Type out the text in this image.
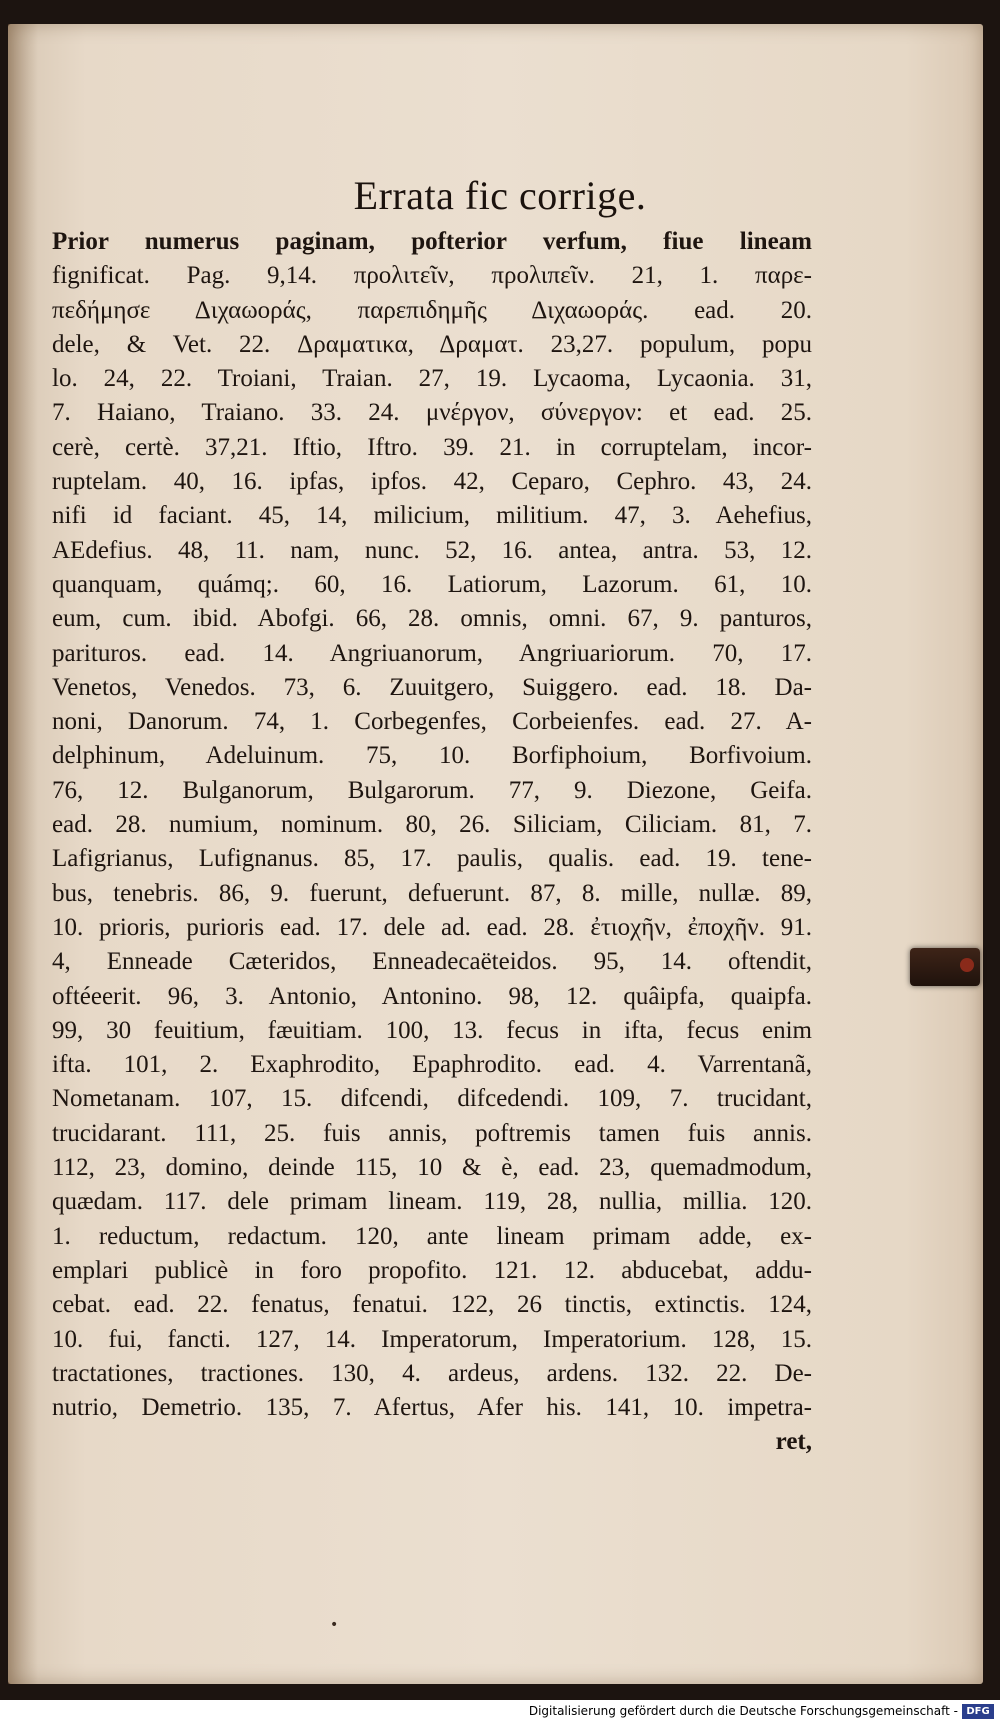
Errata fic corrige.
Prior numerus paginam, pofterior verfum, fiue lineam
fignificat. Pag. 9,14. προλιτεῖν, προλιπεῖν. 21, 1. παρε-
πεδήμησε Διχαωοράς, παρεπιδημῆς Διχαωοράς. ead. 20.
dele, & Vet. 22. Δραματικα, Δραματ. 23,27. populum, popu
lo. 24, 22. Troiani, Traian. 27, 19. Lycaoma, Lycaonia. 31,
7. Haiano, Traiano. 33. 24. μνέργον, σύνεργον: et ead. 25.
cerè, certè. 37,21. Iftio, Iftro. 39. 21. in corruptelam, incor-
ruptelam. 40, 16. ipfas, ipfos. 42, Ceparo, Cephro. 43, 24.
nifi id faciant. 45, 14, milicium, militium. 47, 3. Aehefius,
AEdefius. 48, 11. nam, nunc. 52, 16. antea, antra. 53, 12.
quanquam, quámq;. 60, 16. Latiorum, Lazorum. 61, 10.
eum, cum. ibid. Abofgi. 66, 28. omnis, omni. 67, 9. panturos,
parituros. ead. 14. Angriuanorum, Angriuariorum. 70, 17.
Venetos, Venedos. 73, 6. Zuuitgero, Suiggero. ead. 18. Da-
noni, Danorum. 74, 1. Corbegenfes, Corbeienfes. ead. 27. A-
delphinum, Adeluinum. 75, 10. Borfiphoium, Borfivoium.
76, 12. Bulganorum, Bulgarorum. 77, 9. Diezone, Geifa.
ead. 28. numium, nominum. 80, 26. Siliciam, Ciliciam. 81, 7.
Lafigrianus, Lufignanus. 85, 17. paulis, qualis. ead. 19. tene-
bus, tenebris. 86, 9. fuerunt, defuerunt. 87, 8. mille, nullæ. 89,
10. prioris, purioris ead. 17. dele ad. ead. 28. ἐτιοχῆν, ἐποχῆν. 91.
4, Enneade Cæteridos, Enneadecaëteidos. 95, 14. oftendit,
oftéeerit. 96, 3. Antonio, Antonino. 98, 12. quâipfa, quaipfa.
99, 30 feuitium, fæuitiam. 100, 13. fecus in ifta, fecus enim
ifta. 101, 2. Exaphrodito, Epaphrodito. ead. 4. Varrentanã,
Nometanam. 107, 15. difcendi, difcedendi. 109, 7. trucidant,
trucidarant. 111, 25. fuis annis, poftremis tamen fuis annis.
112, 23, domino, deinde 115, 10 & è, ead. 23, quemadmodum,
quædam. 117. dele primam lineam. 119, 28, nullia, millia. 120.
1. reductum, redactum. 120, ante lineam primam adde, ex-
emplari publicè in foro propofito. 121. 12. abducebat, addu-
cebat. ead. 22. fenatus, fenatui. 122, 26 tinctis, extinctis. 124,
10. fui, fancti. 127, 14. Imperatorum, Imperatorium. 128, 15.
tractationes, tractiones. 130, 4. ardeus, ardens. 132. 22. De-
nutrio, Demetrio. 135, 7. Afertus, Afer his. 141, 10. impetra-
ret,
•
Digitalisierung gefördert durch die Deutsche Forschungsgemeinschaft - DFG
